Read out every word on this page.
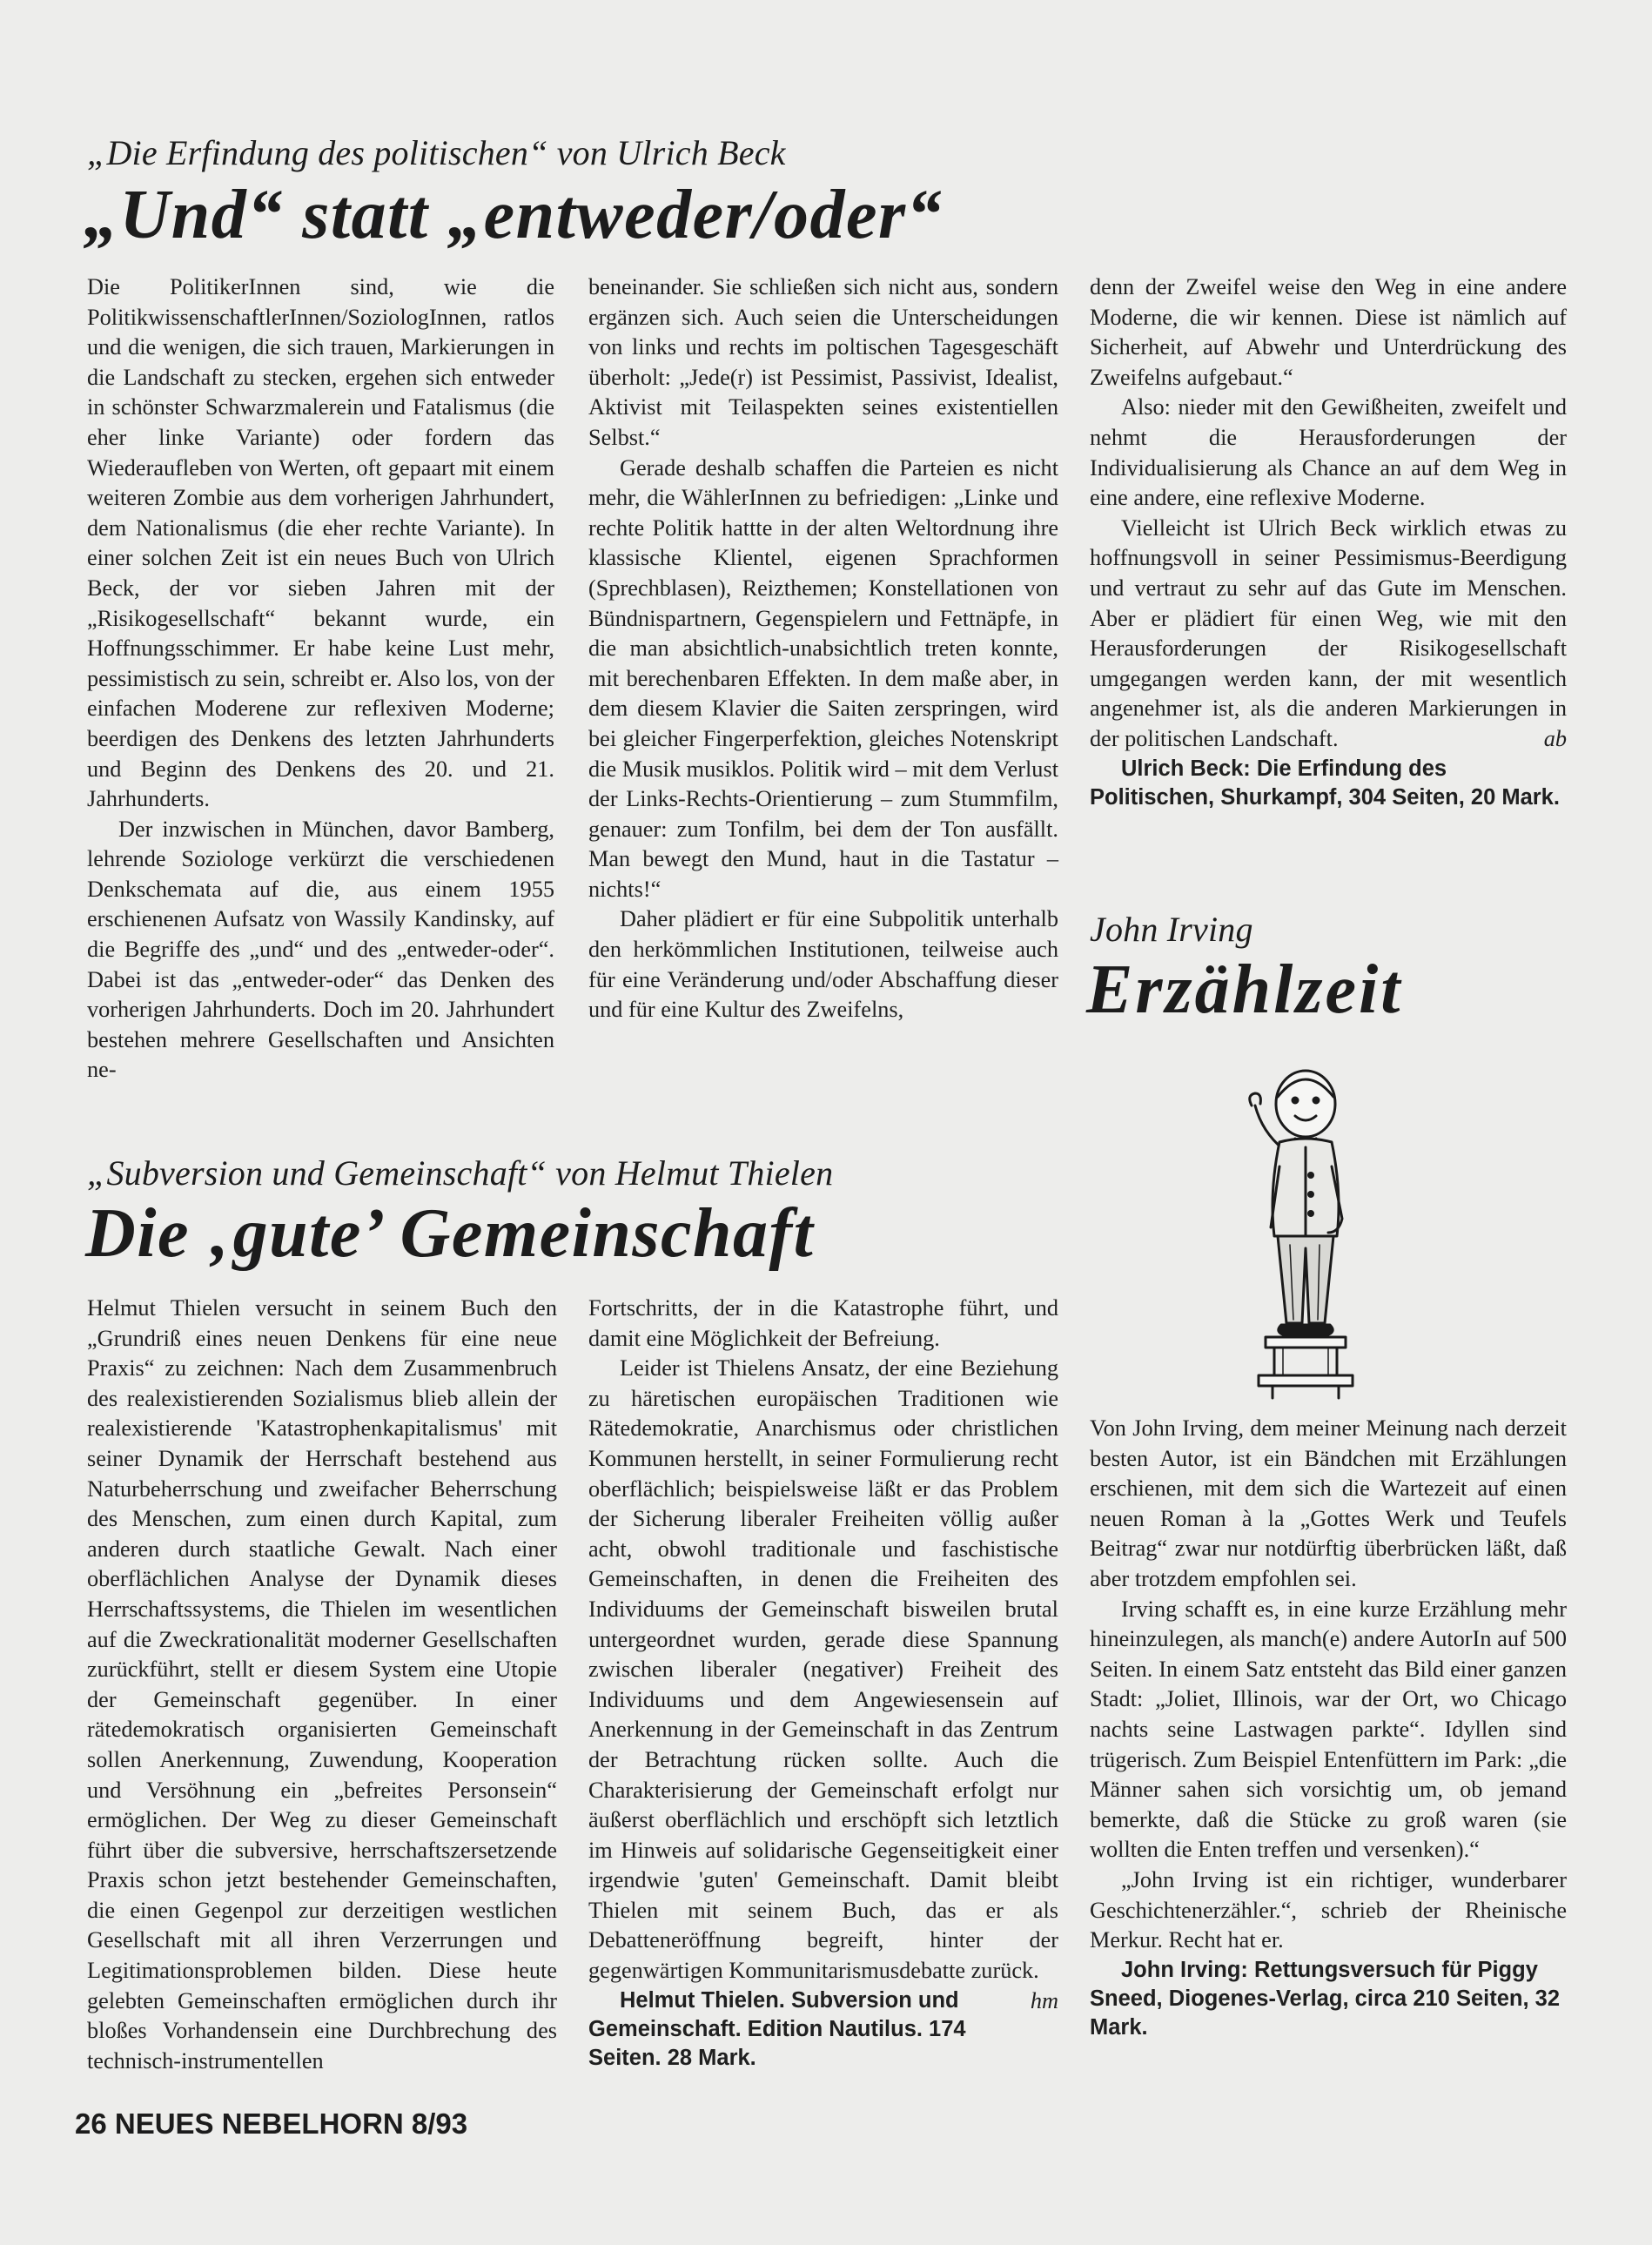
„Die Erfindung des politischen“ von Ulrich Beck
„Und“ statt „entweder/oder“

Die PolitikerInnen sind, wie die PolitikwissenschaftlerInnen/SoziologInnen, ratlos und die wenigen, die sich trauen, Markierungen in die Landschaft zu stecken, ergehen sich entweder in schönster Schwarzmalerein und Fatalismus (die eher linke Variante) oder fordern das Wiederaufleben von Werten, oft gepaart mit einem weiteren Zombie aus dem vorherigen Jahrhundert, dem Nationalismus (die eher rechte Variante). In einer solchen Zeit ist ein neues Buch von Ulrich Beck, der vor sieben Jahren mit der „Risikogesellschaft“ bekannt wurde, ein Hoffnungsschimmer. Er habe keine Lust mehr, pessimistisch zu sein, schreibt er. Also los, von der einfachen Moderene zur reflexiven Moderne; beerdigen des Denkens des letzten Jahrhunderts und Beginn des Denkens des 20. und 21. Jahrhunderts.

Der inzwischen in München, davor Bamberg, lehrende Soziologe verkürzt die verschiedenen Denkschemata auf die, aus einem 1955 erschienenen Aufsatz von Wassily Kandinsky, auf die Begriffe des „und“ und des „entweder-oder“. Dabei ist das „entweder-oder“ das Denken des vorherigen Jahrhunderts. Doch im 20. Jahrhundert bestehen mehrere Gesellschaften und Ansichten ne-

beneinander. Sie schließen sich nicht aus, sondern ergänzen sich. Auch seien die Unterscheidungen von links und rechts im poltischen Tagesgeschäft überholt: „Jede(r) ist Pessimist, Passivist, Idealist, Aktivist mit Teilaspekten seines existentiellen Selbst.“

Gerade deshalb schaffen die Parteien es nicht mehr, die WählerInnen zu befriedigen: „Linke und rechte Politik hattte in der alten Weltordnung ihre klassische Klientel, eigenen Sprachformen (Sprechblasen), Reizthemen; Konstellationen von Bündnispartnern, Gegenspielern und Fettnäpfe, in die man absichtlich-unabsichtlich treten konnte, mit berechenbaren Effekten. In dem maße aber, in dem diesem Klavier die Saiten zerspringen, wird bei gleicher Fingerperfektion, gleiches Notenskript die Musik musiklos. Politik wird – mit dem Verlust der Links-Rechts-Orientierung – zum Stummfilm, genauer: zum Tonfilm, bei dem der Ton ausfällt. Man bewegt den Mund, haut in die Tastatur – nichts!“

Daher plädiert er für eine Subpolitik unterhalb den herkömmlichen Institutionen, teilweise auch für eine Veränderung und/oder Abschaffung dieser und für eine Kultur des Zweifelns,

denn der Zweifel weise den Weg in eine andere Moderne, die wir kennen. Diese ist nämlich auf Sicherheit, auf Abwehr und Unterdrückung des Zweifelns aufgebaut.“

Also: nieder mit den Gewißheiten, zweifelt und nehmt die Herausforderungen der Individualisierung als Chance an auf dem Weg in eine andere, eine reflexive Moderne.

Vielleicht ist Ulrich Beck wirklich etwas zu hoffnungsvoll in seiner Pessimismus-Beerdigung und vertraut zu sehr auf das Gute im Menschen. Aber er plädiert für einen Weg, wie mit den Herausforderungen der Risikogesellschaft umgegangen werden kann, der mit wesentlich angenehmer ist, als die anderen Markierungen in der politischen Landschaft.	ab

Ulrich Beck: Die Erfindung des Politischen, Shurkampf, 304 Seiten, 20 Mark.

John Irving
Erzählzeit
„Subversion und Gemeinschaft“ von Helmut Thielen
Die ‚gute’ Gemeinschaft

Helmut Thielen versucht in seinem Buch den „Grundriß eines neuen Denkens für eine neue Praxis“ zu zeichnen: Nach dem Zusammenbruch des realexistierenden Sozialismus blieb allein der realexistierende 'Katastrophenkapitalismus' mit seiner Dynamik der Herrschaft bestehend aus Naturbeherrschung und zweifacher Beherrschung des Menschen, zum einen durch Kapital, zum anderen durch staatliche Gewalt. Nach einer oberflächlichen Analyse der Dynamik dieses Herrschaftssystems, die Thielen im wesentlichen auf die Zweckrationalität moderner Gesellschaften zurückführt, stellt er diesem System eine Utopie der Gemeinschaft gegenüber. In einer rätedemokratisch organisierten Gemeinschaft sollen Anerkennung, Zuwendung, Kooperation und Versöhnung ein „befreites Personsein“ ermöglichen. Der Weg zu dieser Gemeinschaft führt über die subversive, herrschaftszersetzende Praxis schon jetzt bestehender Gemeinschaften, die einen Gegenpol zur derzeitigen westlichen Gesellschaft mit all ihren Verzerrungen und Legitimationsproblemen bilden. Diese heute gelebten Gemeinschaften ermöglichen durch ihr bloßes Vorhandensein eine Durchbrechung des technisch-instrumentellen

Fortschritts, der in die Katastrophe führt, und damit eine Möglichkeit der Befreiung.

Leider ist Thielens Ansatz, der eine Beziehung zu häretischen europäischen Traditionen wie Rätedemokratie, Anarchismus oder christlichen Kommunen herstellt, in seiner Formulierung recht oberflächlich; beispielsweise läßt er das Problem der Sicherung liberaler Freiheiten völlig außer acht, obwohl traditionale und faschistische Gemeinschaften, in denen die Freiheiten des Individuums der Gemeinschaft bisweilen brutal untergeordnet wurden, gerade diese Spannung zwischen liberaler (negativer) Freiheit des Individuums und dem Angewiesensein auf Anerkennung in der Gemeinschaft in das Zentrum der Betrachtung rücken sollte. Auch die Charakterisierung der Gemeinschaft erfolgt nur äußerst oberflächlich und erschöpft sich letztlich im Hinweis auf solidarische Gegenseitigkeit einer irgendwie 'guten' Gemeinschaft. Damit bleibt Thielen mit seinem Buch, das er als Debatteneröffnung begreift, hinter der gegenwärtigen Kommunitarismusdebatte zurück.
hm

Helmut Thielen. Subversion und Gemeinschaft. Edition Nautilus. 174 Seiten. 28 Mark.

Von John Irving, dem meiner Meinung nach derzeit besten Autor, ist ein Bändchen mit Erzählungen erschienen, mit dem sich die Wartezeit auf einen neuen Roman à la „Gottes Werk und Teufels Beitrag“ zwar nur notdürftig überbrücken läßt, daß aber trotzdem empfohlen sei.

Irving schafft es, in eine kurze Erzählung mehr hineinzulegen, als manch(e) andere AutorIn auf 500 Seiten. In einem Satz entsteht das Bild einer ganzen Stadt: „Joliet, Illinois, war der Ort, wo Chicago nachts seine Lastwagen parkte“. Idyllen sind trügerisch. Zum Beispiel Entenfüttern im Park: „die Männer sahen sich vorsichtig um, ob jemand bemerkte, daß die Stücke zu groß waren (sie wollten die Enten treffen und versenken).“

„John Irving ist ein richtiger, wunderbarer Geschichtenerzähler.“, schrieb der Rheinische Merkur. Recht hat er.

John Irving: Rettungsversuch für Piggy Sneed, Diogenes-Verlag, circa 210 Seiten, 32 Mark.

26 NEUES NEBELHORN 8/93
